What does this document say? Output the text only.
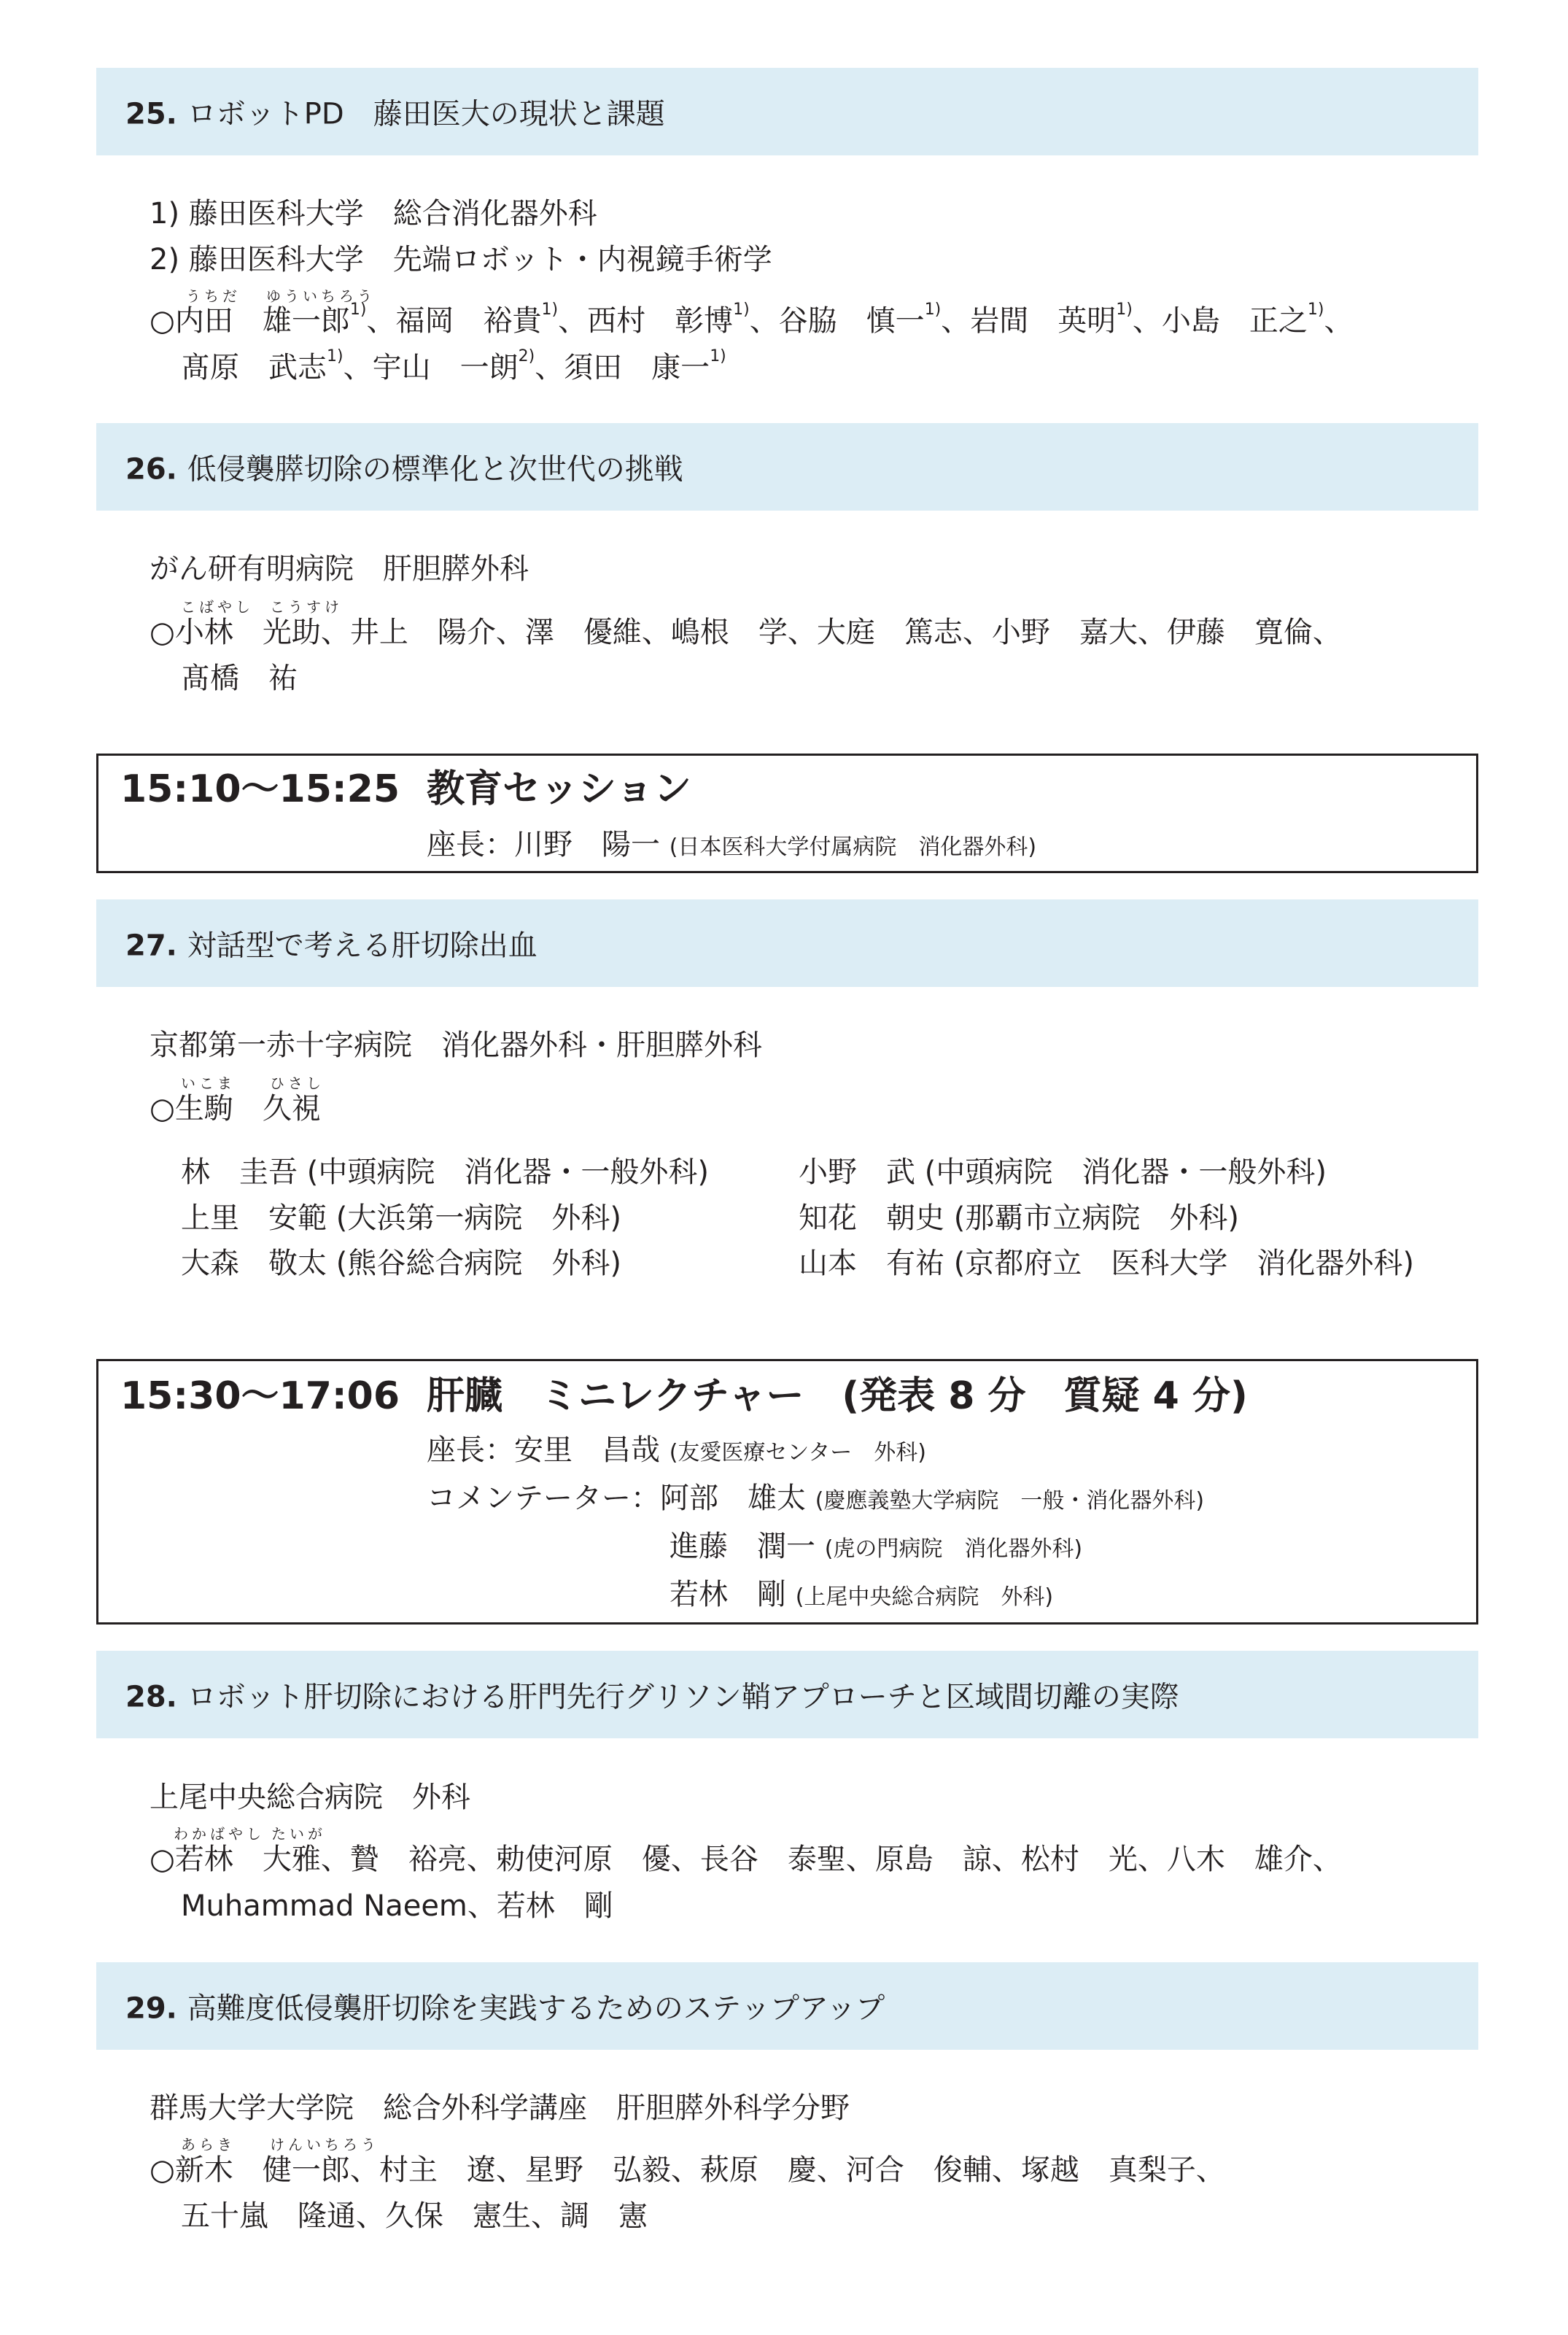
25. ロボットPD　藤田医大の現状と課題
1) 藤田医科大学　総合消化器外科
2) 藤田医科大学　先端ロボット・内視鏡手術学
うちだ ゆういちろう
○内田　雄一郎$^{1)}$、福岡　裕貴$^{1)}$、西村　彰博$^{1)}$、谷脇　慎一$^{1)}$、岩間　英明$^{1)}$、小島　正之$^{1)}$、
髙原　武志$^{1)}$、宇山　一朗$^{2)}$、須田　康一$^{1)}$
26. 低侵襲膵切除の標準化と次世代の挑戦
がん研有明病院　肝胆膵外科
こばやし こうすけ
○小林　光助、井上　陽介、澤　優維、嶋根　学、大庭　篤志、小野　嘉大、伊藤　寛倫、
髙橋　祐
15:10〜15:25 教育セッション
座長：川野　陽一 (日本医科大学付属病院　消化器外科)
27. 対話型で考える肝切除出血
京都第一赤十字病院　消化器外科・肝胆膵外科
いこま ひさし
○生駒　久視
林　圭吾 (中頭病院　消化器・一般外科)
上里　安範 (大浜第一病院　外科)
大森　敬太 (熊谷総合病院　外科)
小野　武 (中頭病院　消化器・一般外科)
知花　朝史 (那覇市立病院　外科)
山本　有祐 (京都府立　医科大学　消化器外科)
15:30〜17:06 肝臓　ミニレクチャー　(発表 8 分　質疑 4 分)
座長：安里　昌哉 (友愛医療センター　外科)
コメンテーター：阿部　雄太 (慶應義塾大学病院　一般・消化器外科)
進藤　潤一 (虎の門病院　消化器外科)
若林　剛 (上尾中央総合病院　外科)
28. ロボット肝切除における肝門先行グリソン鞘アプローチと区域間切離の実際
上尾中央総合病院　外科
わかばやし たいが
○若林　大雅、贄　裕亮、勅使河原　優、長谷　泰聖、原島　諒、松村　光、八木　雄介、
Muhammad Naeem、若林　剛
29. 高難度低侵襲肝切除を実践するためのステップアップ
群馬大学大学院　総合外科学講座　肝胆膵外科学分野
あらき けんいちろう
○新木　健一郎、村主　遼、星野　弘毅、萩原　慶、河合　俊輔、塚越　真梨子、
五十嵐　隆通、久保　憲生、調　憲
